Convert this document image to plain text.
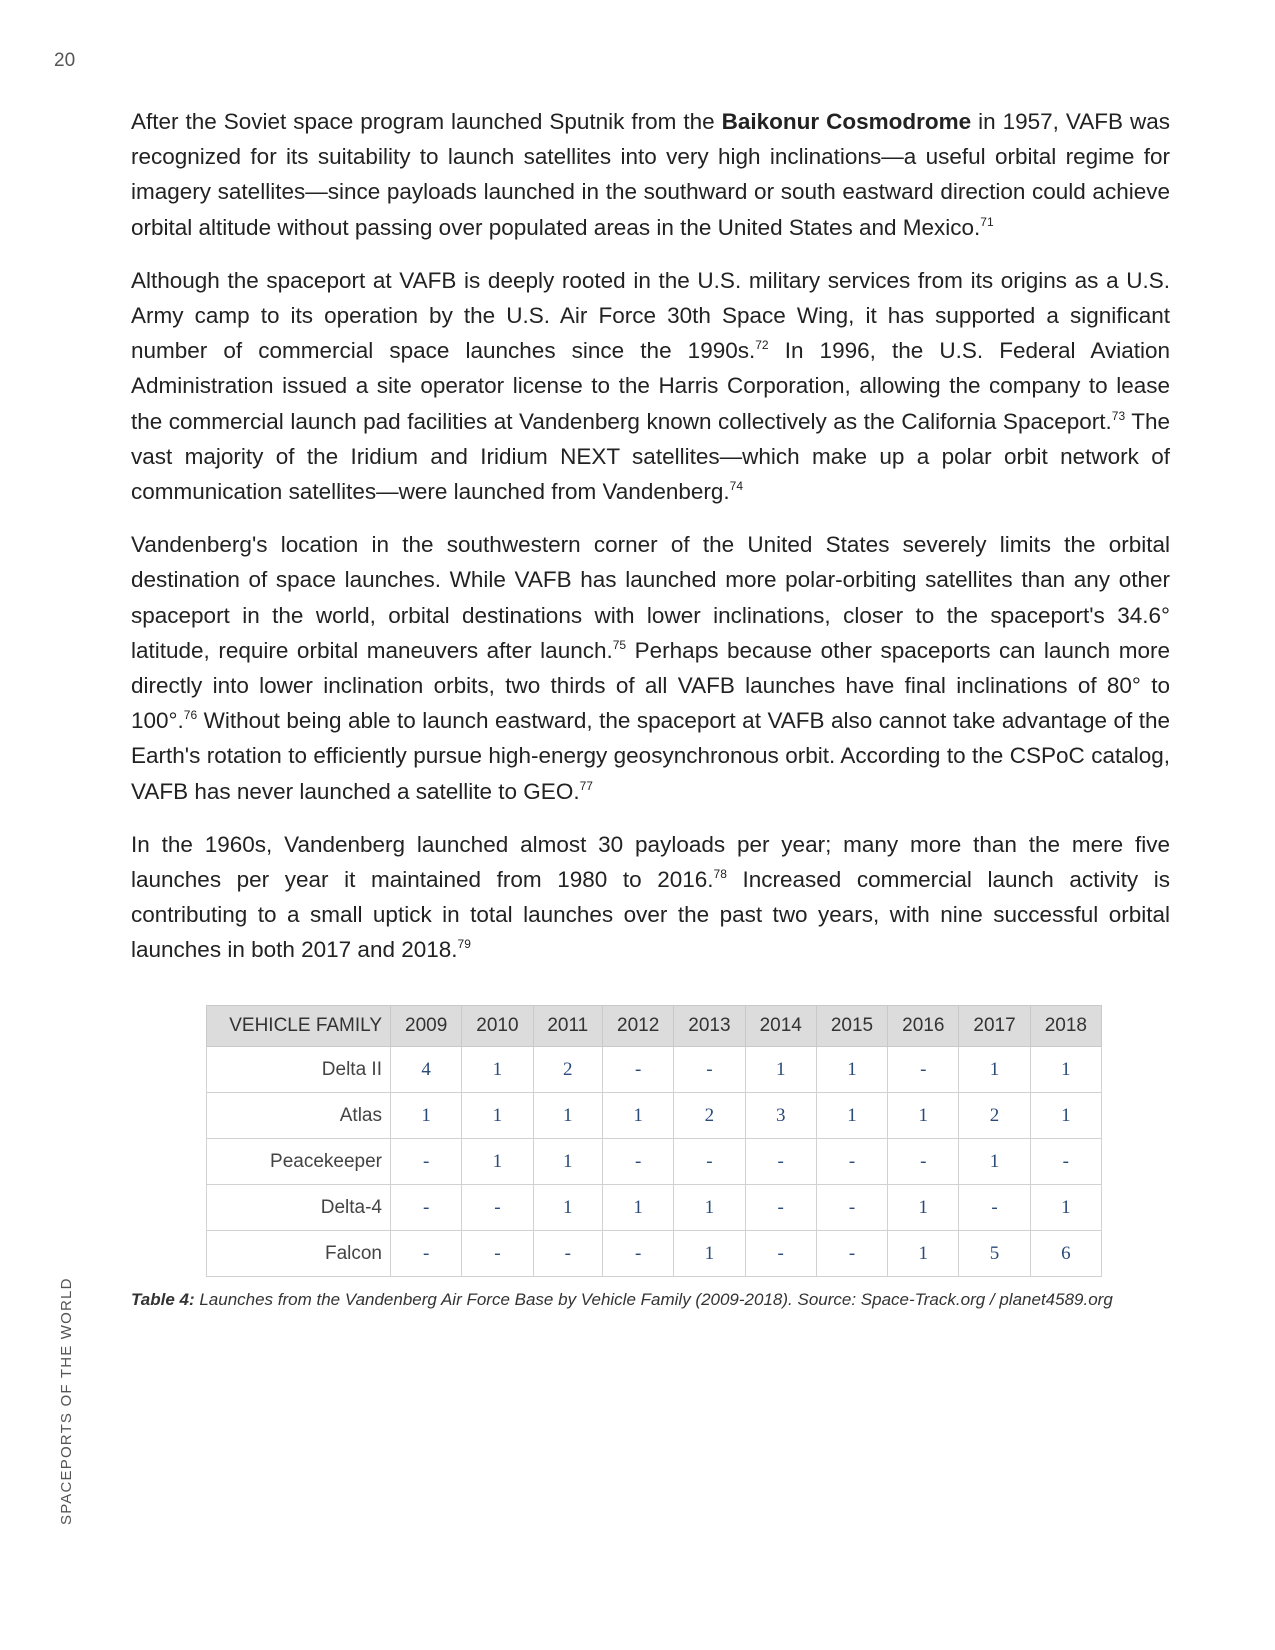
20
SPACEPORTS OF THE WORLD

After the Soviet space program launched Sputnik from the Baikonur Cosmodrome in 1957, VAFB was recognized for its suitability to launch satellites into very high inclinations—a useful orbital regime for imagery satellites—since payloads launched in the southward or south eastward direction could achieve orbital altitude without passing over populated areas in the United States and Mexico.$^{71}$

Although the spaceport at VAFB is deeply rooted in the U.S. military services from its origins as a U.S. Army camp to its operation by the U.S. Air Force 30th Space Wing, it has supported a significant number of commercial space launches since the 1990s.$^{72}$ In 1996, the U.S. Federal Aviation Administration issued a site operator license to the Harris Corporation, allowing the company to lease the commercial launch pad facilities at Vandenberg known collectively as the California Spaceport.$^{73}$ The vast majority of the Iridium and Iridium NEXT satellites—which make up a polar orbit network of communication satellites—were launched from Vandenberg.$^{74}$

Vandenberg's location in the southwestern corner of the United States severely limits the orbital destination of space launches. While VAFB has launched more polar-orbiting satellites than any other spaceport in the world, orbital destinations with lower inclinations, closer to the spaceport's 34.6° latitude, require orbital maneuvers after launch.$^{75}$ Perhaps because other spaceports can launch more directly into lower inclination orbits, two thirds of all VAFB launches have final inclinations of 80° to 100°.$^{76}$ Without being able to launch eastward, the spaceport at VAFB also cannot take advantage of the Earth's rotation to efficiently pursue high-energy geosynchronous orbit. According to the CSPoC catalog, VAFB has never launched a satellite to GEO.$^{77}$

In the 1960s, Vandenberg launched almost 30 payloads per year; many more than the mere five launches per year it maintained from 1980 to 2016.78 Increased commercial launch activity is contributing to a small uptick in total launches over the past two years, with nine successful orbital launches in both 2017 and 2018.79

VEHICLE FAMILY	2009	2010	2011	2012	2013	2014	2015	2016	2017	2018
Delta II	4	1	2	-	-	1	1	-	1	1
Atlas	1	1	1	1	2	3	1	1	2	1
Peacekeeper	-	1	1	-	-	-	-	-	1	-
Delta-4	-	-	1	1	1	-	-	1	-	1
Falcon	-	-	-	-	1	-	-	1	5	6
Table 4: Launches from the Vandenberg Air Force Base by Vehicle Family (2009-2018). Source: Space-Track.org / planet4589.org
